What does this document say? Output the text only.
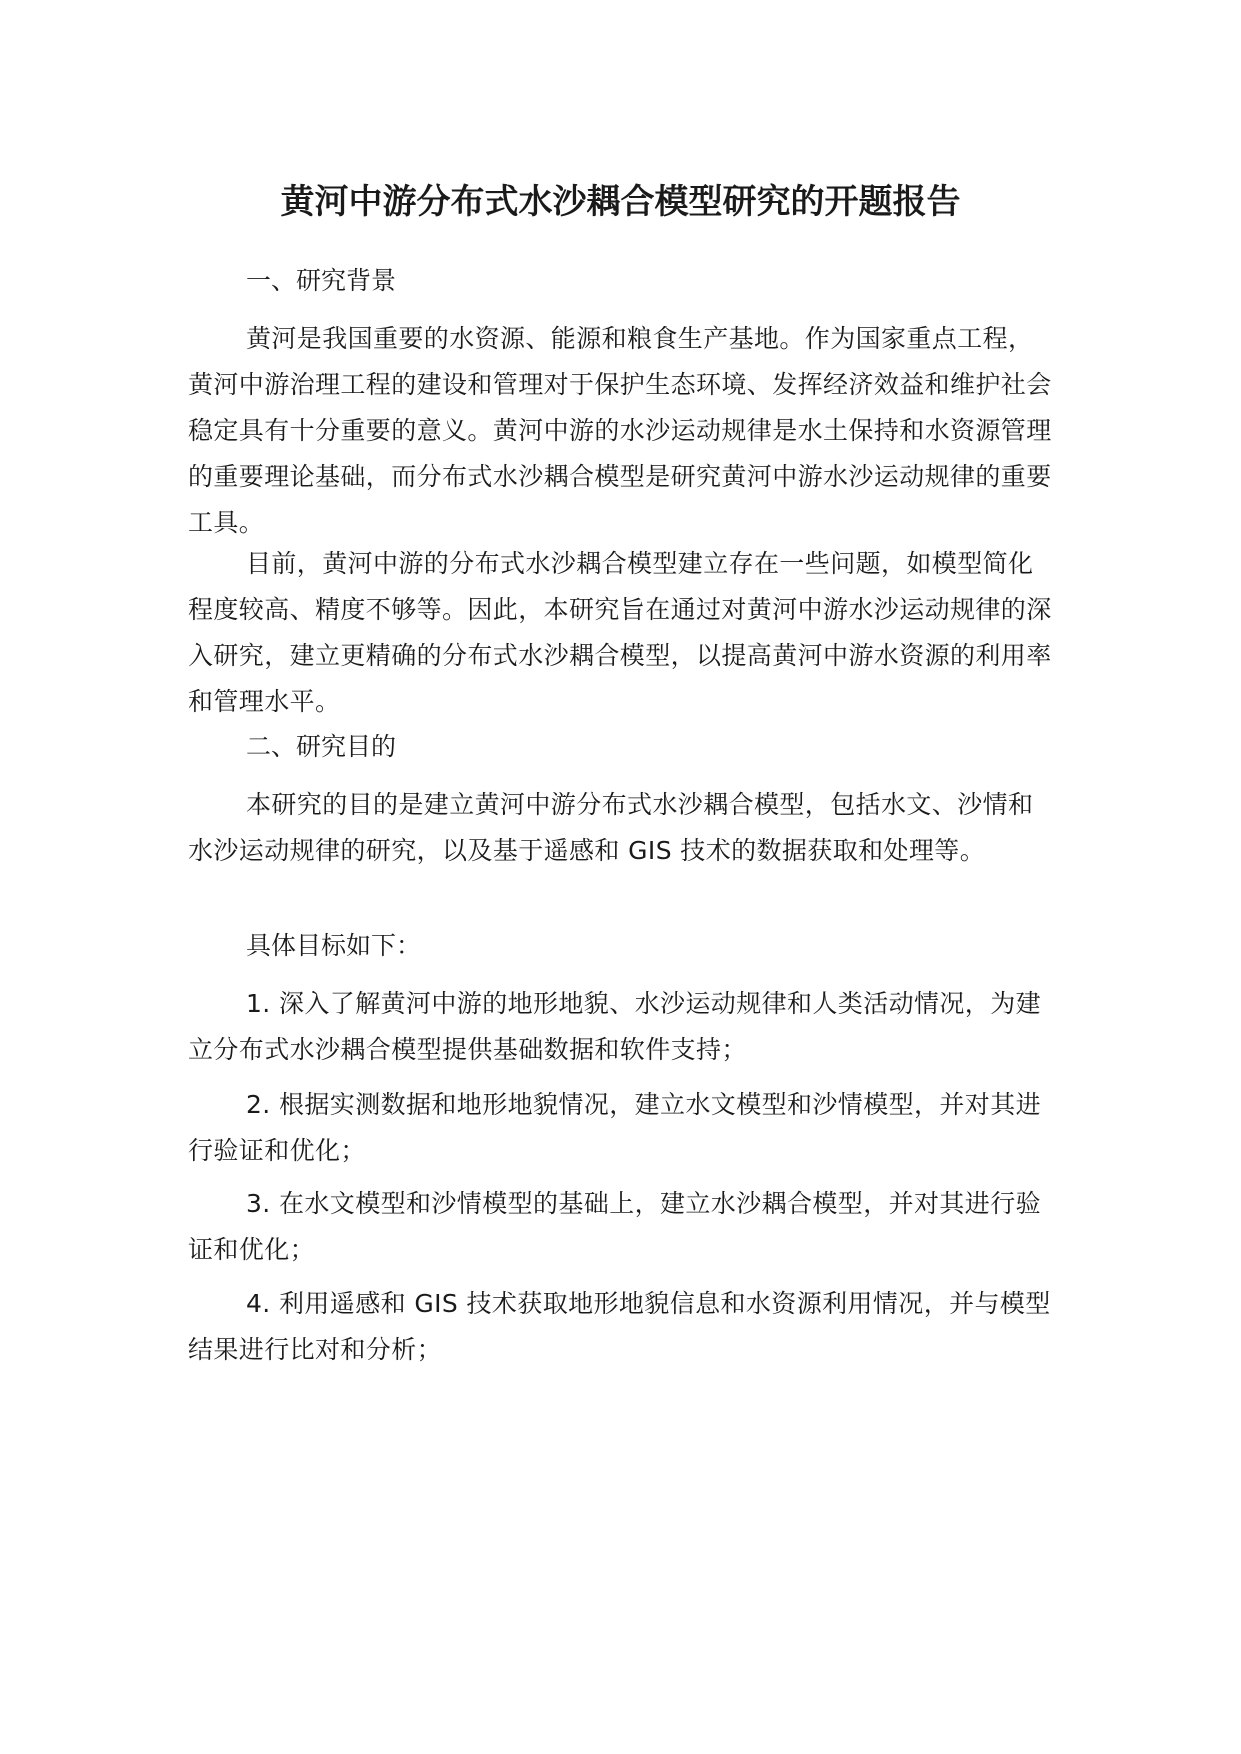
黄河中游分布式水沙耦合模型研究的开题报告
一、研究背景
黄河是我国重要的水资源、能源和粮食生产基地。作为国家重点工程，黄河中游治理工程的建设和管理对于保护生态环境、发挥经济效益和维护社会稳定具有十分重要的意义。黄河中游的水沙运动规律是水土保持和水资源管理的重要理论基础，而分布式水沙耦合模型是研究黄河中游水沙运动规律的重要工具。
目前，黄河中游的分布式水沙耦合模型建立存在一些问题，如模型简化程度较高、精度不够等。因此，本研究旨在通过对黄河中游水沙运动规律的深入研究，建立更精确的分布式水沙耦合模型，以提高黄河中游水资源的利用率和管理水平。
二、研究目的
本研究的目的是建立黄河中游分布式水沙耦合模型，包括水文、沙情和水沙运动规律的研究，以及基于遥感和 GIS 技术的数据获取和处理等。
具体目标如下：
1. 深入了解黄河中游的地形地貌、水沙运动规律和人类活动情况，为建立分布式水沙耦合模型提供基础数据和软件支持；
2. 根据实测数据和地形地貌情况，建立水文模型和沙情模型，并对其进行验证和优化；
3. 在水文模型和沙情模型的基础上，建立水沙耦合模型，并对其进行验证和优化；
4. 利用遥感和 GIS 技术获取地形地貌信息和水资源利用情况，并与模型结果进行比对和分析；
